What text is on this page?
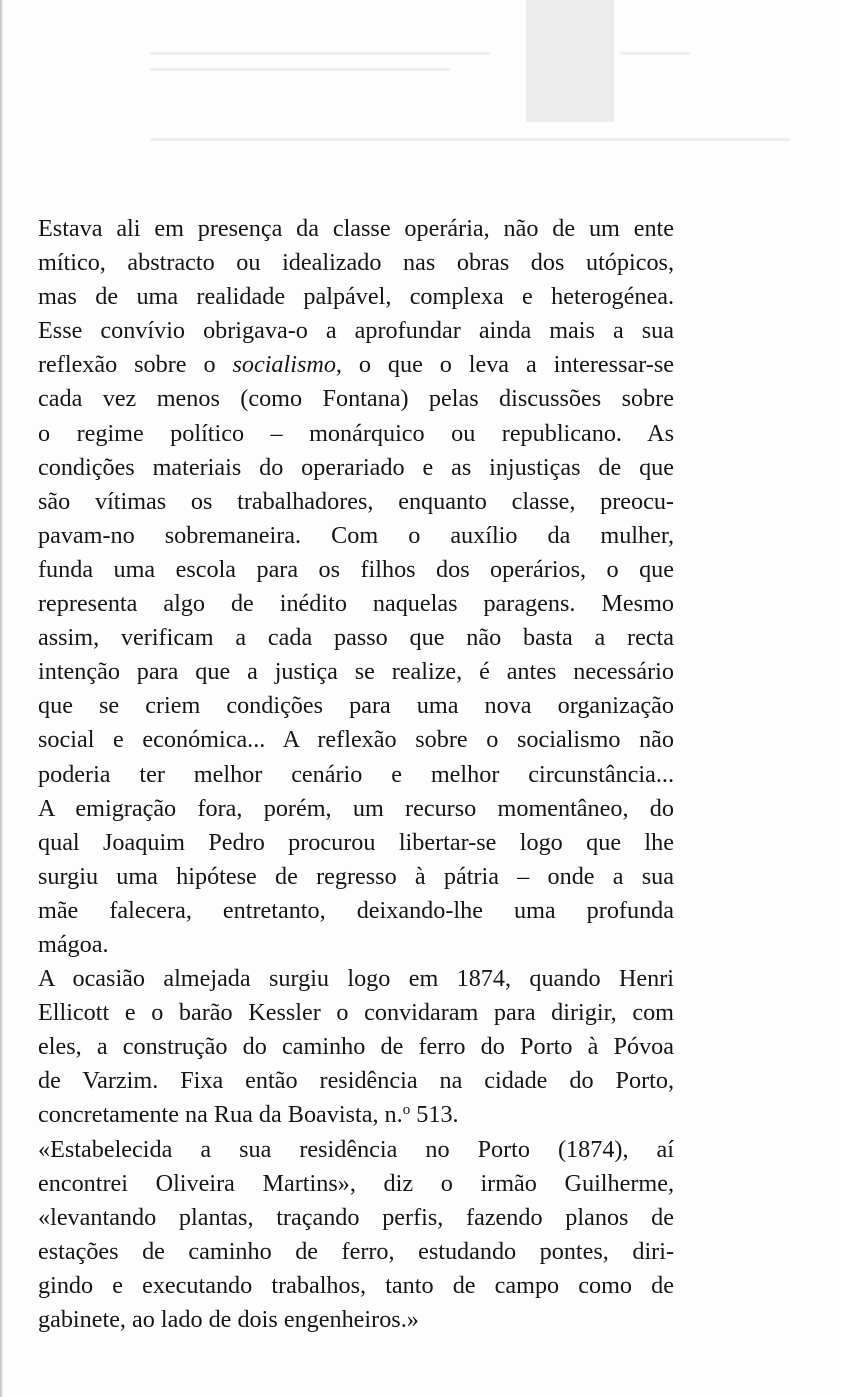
Estava ali em presença da classe operária, não de um ente
mítico, abstracto ou idealizado nas obras dos utópicos,
mas de uma realidade palpável, complexa e heterogénea.
Esse convívio obrigava-o a aprofundar ainda mais a sua
reflexão sobre o socialismo, o que o leva a interessar-se
cada vez menos (como Fontana) pelas discussões sobre
o regime político – monárquico ou republicano. As
condições materiais do operariado e as injustiças de que
são vítimas os trabalhadores, enquanto classe, preocu-
pavam-no sobremaneira. Com o auxílio da mulher,
funda uma escola para os filhos dos operários, o que
representa algo de inédito naquelas paragens. Mesmo
assim, verificam a cada passo que não basta a recta
intenção para que a justiça se realize, é antes necessário
que se criem condições para uma nova organização
social e económica... A reflexão sobre o socialismo não
poderia ter melhor cenário e melhor circunstância...
A emigração fora, porém, um recurso momentâneo, do
qual Joaquim Pedro procurou libertar-se logo que lhe
surgiu uma hipótese de regresso à pátria – onde a sua
mãe falecera, entretanto, deixando-lhe uma profunda
mágoa.
A ocasião almejada surgiu logo em 1874, quando Henri
Ellicott e o barão Kessler o convidaram para dirigir, com
eles, a construção do caminho de ferro do Porto à Póvoa
de Varzim. Fixa então residência na cidade do Porto,
concretamente na Rua da Boavista, n.$^o$ 513.
«Estabelecida a sua residência no Porto (1874), aí
encontrei Oliveira Martins», diz o irmão Guilherme,
«levantando plantas, traçando perfis, fazendo planos de
estações de caminho de ferro, estudando pontes, diri-
gindo e executando trabalhos, tanto de campo como de
gabinete, ao lado de dois engenheiros.»
